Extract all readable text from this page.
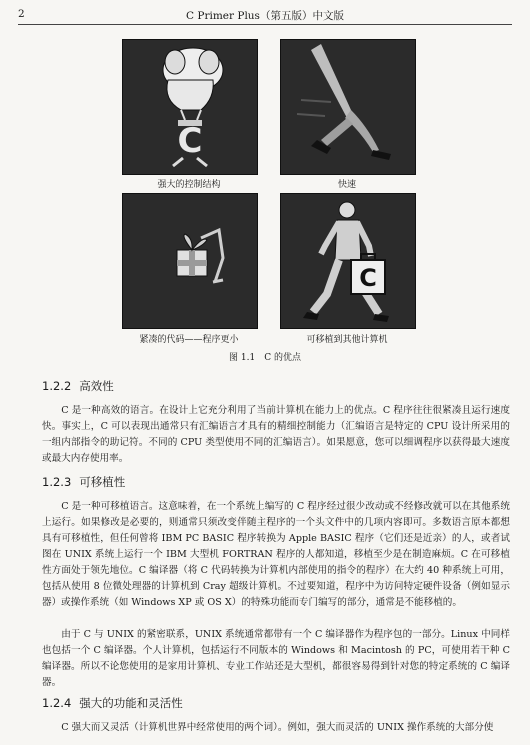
2	C Primer Plus（第五版）中文版
C
强大的控制结构	快速
紧凑的代码——程序更小
C
可移植到其他计算机
图 1.1　C 的优点
1.2.2 高效性
C 是一种高效的语言。在设计上它充分利用了当前计算机在能力上的优点。C 程序往往很紧凑且运行速度快。事实上，C 可以表现出通常只有汇编语言才具有的精细控制能力（汇编语言是特定的 CPU 设计所采用的一组内部指令的助记符。不同的 CPU 类型使用不同的汇编语言）。如果愿意，您可以细调程序以获得最大速度或最大内存使用率。
1.2.3 可移植性
C 是一种可移植语言。这意味着，在一个系统上编写的 C 程序经过很少改动或不经修改就可以在其他系统上运行。如果修改是必要的，则通常只须改变伴随主程序的一个头文件中的几项内容即可。多数语言原本都想具有可移植性，但任何曾将 IBM PC BASIC 程序转换为 Apple BASIC 程序（它们还是近亲）的人，或者试图在 UNIX 系统上运行一个 IBM 大型机 FORTRAN 程序的人都知道，移植至少是在制造麻烦。C 在可移植性方面处于领先地位。C 编译器（将 C 代码转换为计算机内部使用的指令的程序）在大约 40 种系统上可用，包括从使用 8 位微处理器的计算机到 Cray 超级计算机。不过要知道，程序中为访问特定硬件设备（例如显示器）或操作系统（如 Windows XP 或 OS X）的特殊功能而专门编写的部分，通常是不能移植的。
由于 C 与 UNIX 的紧密联系，UNIX 系统通常都带有一个 C 编译器作为程序包的一部分。Linux 中同样也包括一个 C 编译器。个人计算机，包括运行不同版本的 Windows 和 Macintosh 的 PC，可使用若干种 C 编译器。所以不论您使用的是家用计算机、专业工作站还是大型机，都很容易得到针对您的特定系统的 C 编译器。
1.2.4 强大的功能和灵活性
C 强大而又灵活（计算机世界中经常使用的两个词）。例如，强大而灵活的 UNIX 操作系统的大部分使
